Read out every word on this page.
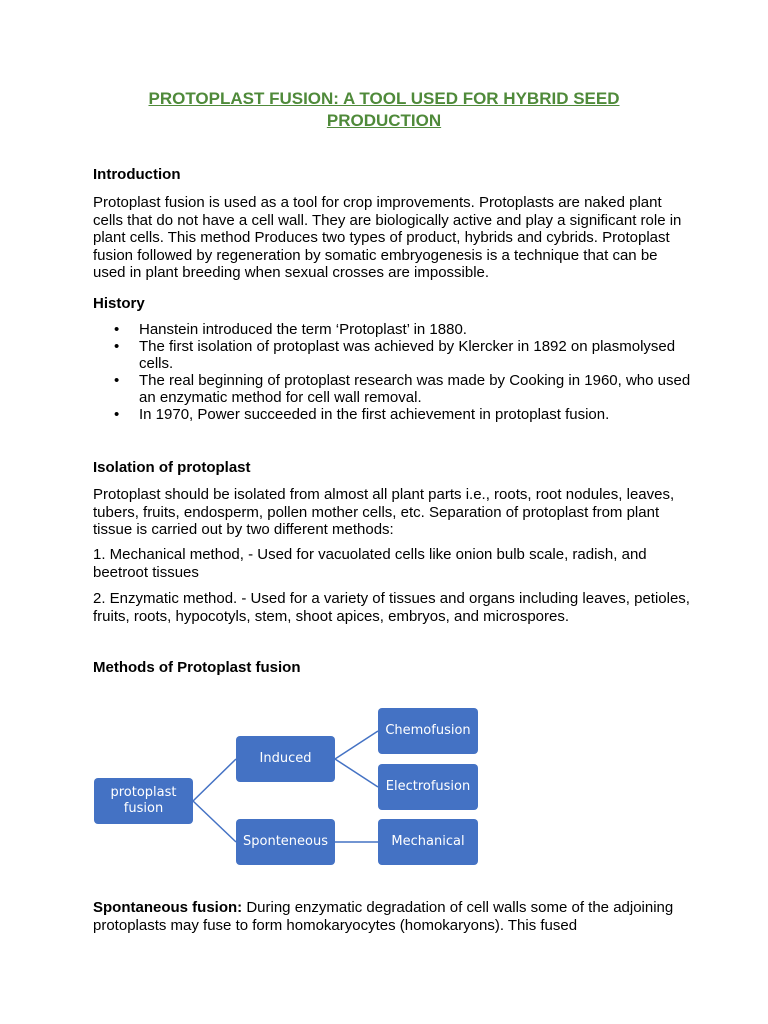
PROTOPLAST FUSION: A TOOL USED FOR HYBRID SEED PRODUCTION
Introduction
Protoplast fusion is used as a tool for crop improvements. Protoplasts are naked plant cells that do not have a cell wall. They are biologically active and play a significant role in plant cells. This method Produces two types of product, hybrids and cybrids. Protoplast fusion followed by regeneration by somatic embryogenesis is a technique that can be used in plant breeding when sexual crosses are impossible.
History
• Hanstein introduced the term ‘Protoplast’ in 1880.
• The first isolation of protoplast was achieved by Klercker in 1892 on plasmolysed cells.
• The real beginning of protoplast research was made by Cooking in 1960, who used an enzymatic method for cell wall removal.
• In 1970, Power succeeded in the first achievement in protoplast fusion.
Isolation of protoplast
Protoplast should be isolated from almost all plant parts i.e., roots, root nodules, leaves, tubers, fruits, endosperm, pollen mother cells, etc. Separation of protoplast from plant tissue is carried out by two different methods:
1. Mechanical method, - Used for vacuolated cells like onion bulb scale, radish, and beetroot tissues
2. Enzymatic method. - Used for a variety of tissues and organs including leaves, petioles, fruits, roots, hypocotyls, stem, shoot apices, embryos, and microspores.
Methods of Protoplast fusion
protoplast fusion
Induced
Sponteneous
Chemofusion
Electrofusion
Mechanical
Spontaneous fusion: During enzymatic degradation of cell walls some of the adjoining protoplasts may fuse to form homokaryocytes (homokaryons). This fused
